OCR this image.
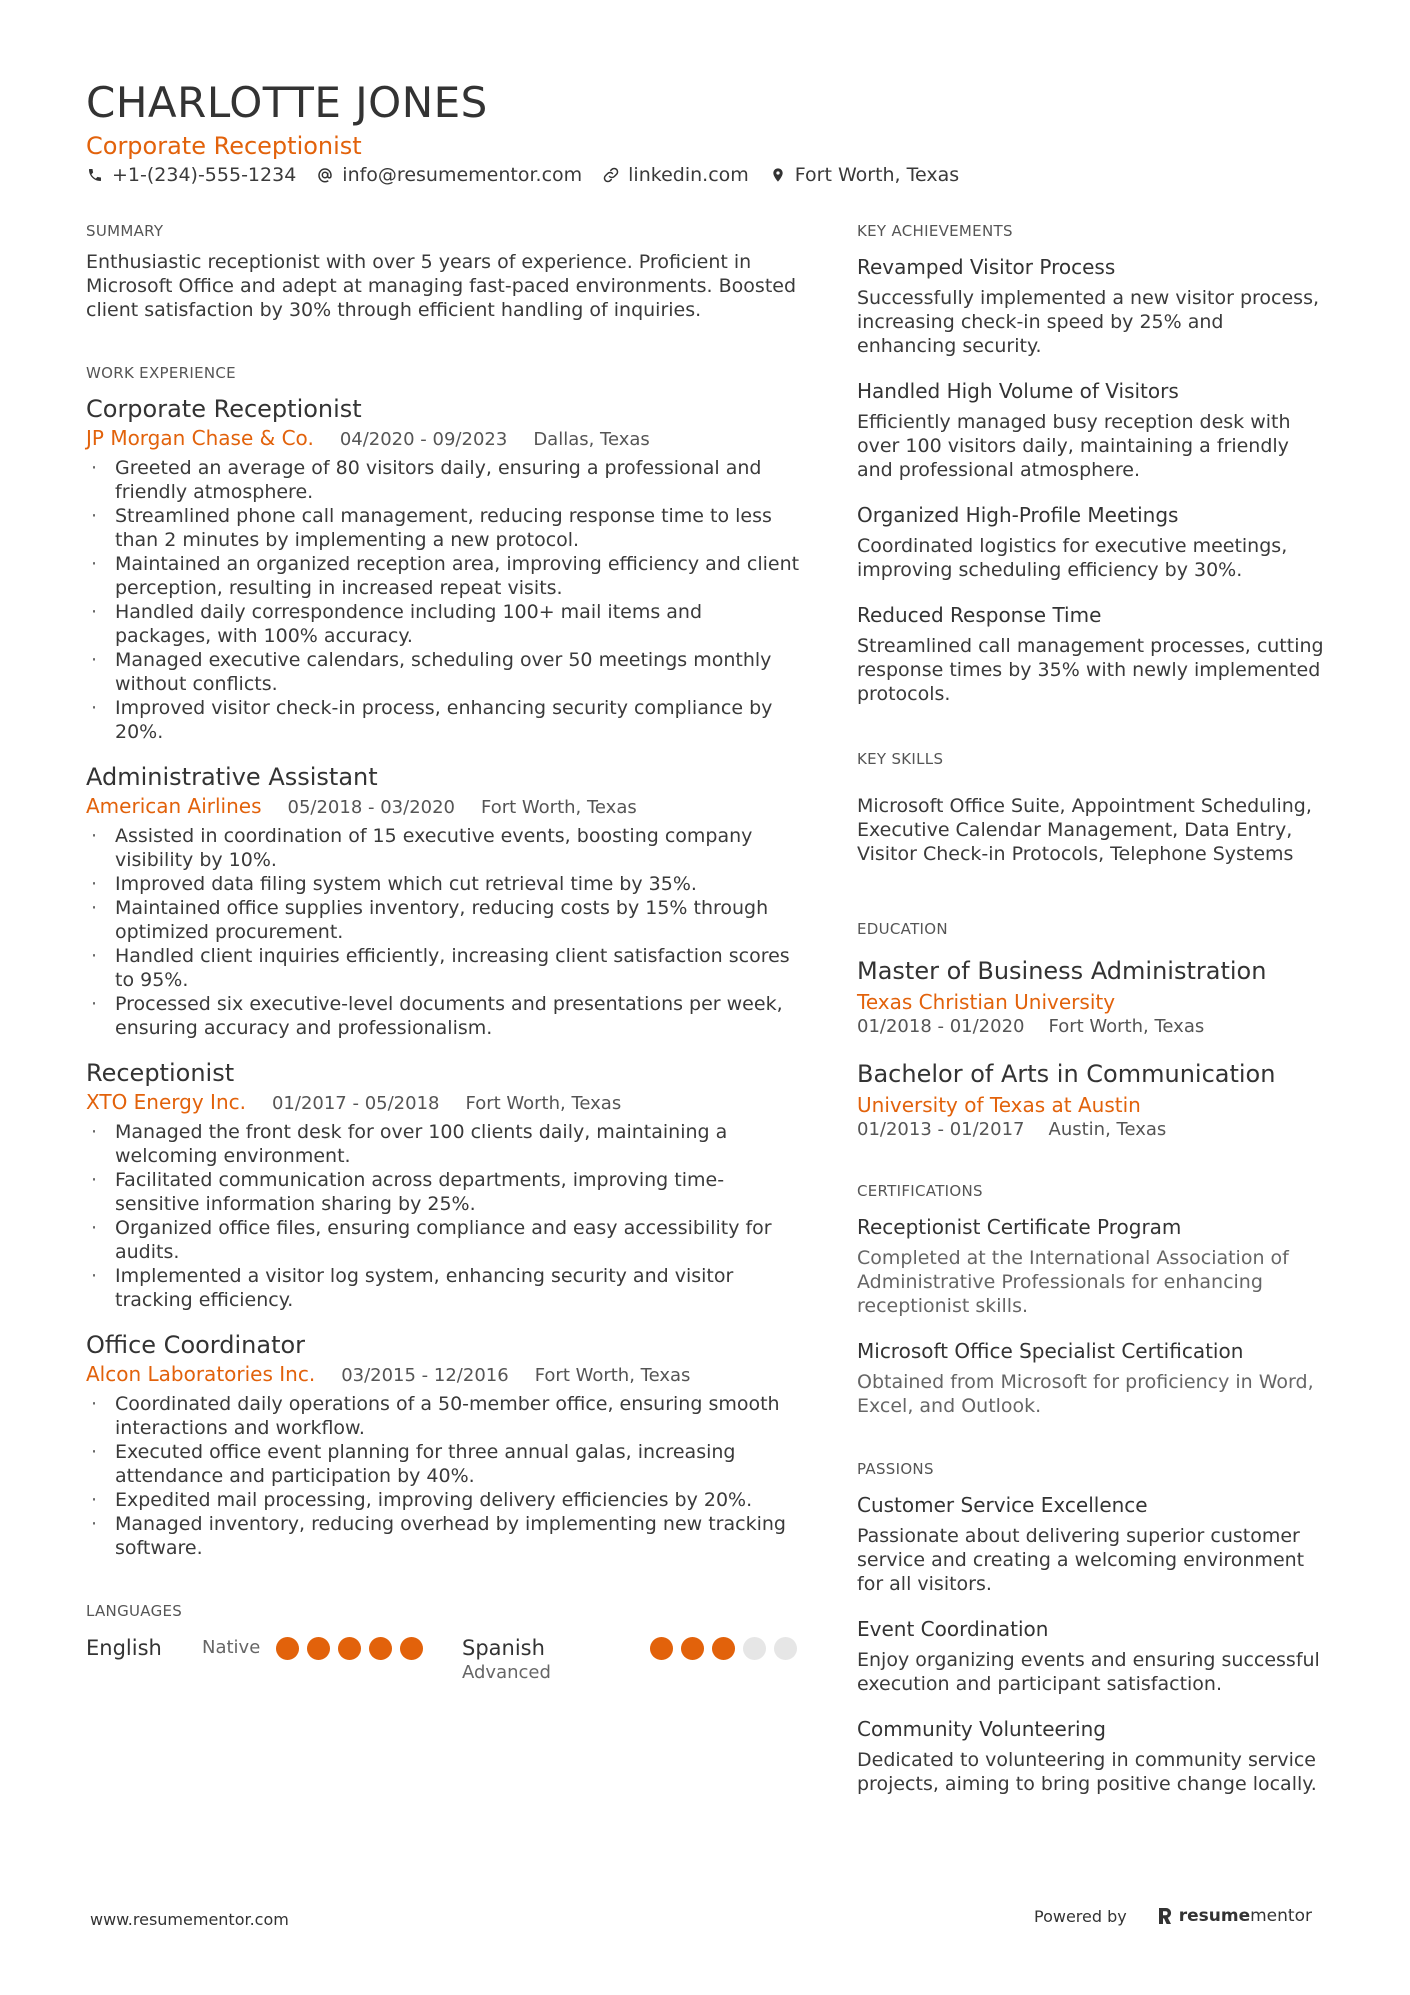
CHARLOTTE JONES
Corporate Receptionist
+1-(234)-555-1234 info@resumementor.com linkedin.com Fort Worth, Texas
SUMMARY
Enthusiastic receptionist with over 5 years of experience. Proficient in Microsoft Office and adept at managing fast-paced environments. Boosted client satisfaction by 30% through efficient handling of inquiries.
WORK EXPERIENCE
Corporate Receptionist
JP Morgan Chase & Co. 04/2020 - 09/2023 Dallas, Texas
· Greeted an average of 80 visitors daily, ensuring a professional and friendly atmosphere.
· Streamlined phone call management, reducing response time to less than 2 minutes by implementing a new protocol.
· Maintained an organized reception area, improving efficiency and client perception, resulting in increased repeat visits.
· Handled daily correspondence including 100+ mail items and packages, with 100% accuracy.
· Managed executive calendars, scheduling over 50 meetings monthly without conflicts.
· Improved visitor check-in process, enhancing security compliance by 20%.
Administrative Assistant
American Airlines 05/2018 - 03/2020 Fort Worth, Texas
· Assisted in coordination of 15 executive events, boosting company visibility by 10%.
· Improved data filing system which cut retrieval time by 35%.
· Maintained office supplies inventory, reducing costs by 15% through optimized procurement.
· Handled client inquiries efficiently, increasing client satisfaction scores to 95%.
· Processed six executive-level documents and presentations per week, ensuring accuracy and professionalism.
Receptionist
XTO Energy Inc. 01/2017 - 05/2018 Fort Worth, Texas
· Managed the front desk for over 100 clients daily, maintaining a welcoming environment.
· Facilitated communication across departments, improving time-sensitive information sharing by 25%.
· Organized office files, ensuring compliance and easy accessibility for audits.
· Implemented a visitor log system, enhancing security and visitor tracking efficiency.
Office Coordinator
Alcon Laboratories Inc. 03/2015 - 12/2016 Fort Worth, Texas
· Coordinated daily operations of a 50-member office, ensuring smooth interactions and workflow.
· Executed office event planning for three annual galas, increasing attendance and participation by 40%.
· Expedited mail processing, improving delivery efficiencies by 20%.
· Managed inventory, reducing overhead by implementing new tracking software.
LANGUAGES
English	Native	Spanish
Advanced
KEY ACHIEVEMENTS
Revamped Visitor Process
Successfully implemented a new visitor process, increasing check-in speed by 25% and enhancing security.
Handled High Volume of Visitors
Efficiently managed busy reception desk with over 100 visitors daily, maintaining a friendly and professional atmosphere.
Organized High-Profile Meetings
Coordinated logistics for executive meetings, improving scheduling efficiency by 30%.
Reduced Response Time
Streamlined call management processes, cutting response times by 35% with newly implemented protocols.
KEY SKILLS
Microsoft Office Suite, Appointment Scheduling, Executive Calendar Management, Data Entry, Visitor Check-in Protocols, Telephone Systems
EDUCATION
Master of Business Administration
Texas Christian University
01/2018 - 01/2020 Fort Worth, Texas
Bachelor of Arts in Communication
University of Texas at Austin
01/2013 - 01/2017 Austin, Texas
CERTIFICATIONS
Receptionist Certificate Program
Completed at the International Association of Administrative Professionals for enhancing receptionist skills.
Microsoft Office Specialist Certification
Obtained from Microsoft for proficiency in Word, Excel, and Outlook.
PASSIONS
Customer Service Excellence
Passionate about delivering superior customer service and creating a welcoming environment for all visitors.
Event Coordination
Enjoy organizing events and ensuring successful execution and participant satisfaction.
Community Volunteering
Dedicated to volunteering in community service projects, aiming to bring positive change locally.
www.resumementor.com	Powered by	resumementor
